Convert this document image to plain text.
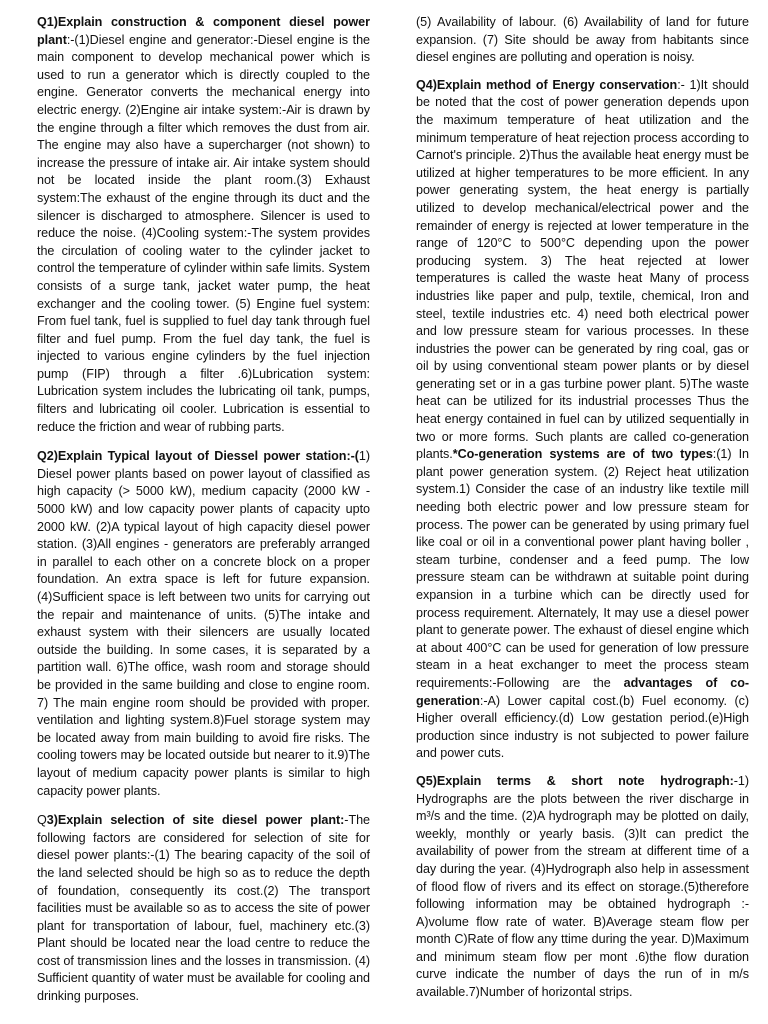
Q1)Explain construction & component diesel power plant:-(1)Diesel engine and generator:-Diesel engine is the main component to develop mechanical power which is used to run a generator which is directly coupled to the engine. Generator converts the mechanical energy into electric energy. (2)Engine air intake system:-Air is drawn by the engine through a filter which removes the dust from air. The engine may also have a supercharger (not shown) to increase the pressure of intake air. Air intake system should not be located inside the plant room.(3) Exhaust system:The exhaust of the engine through its duct and the silencer is discharged to atmosphere. Silencer is used to reduce the noise. (4)Cooling system:-The system provides the circulation of cooling water to the cylinder jacket to control the temperature of cylinder within safe limits. System consists of a surge tank, jacket water pump, the heat exchanger and the cooling tower. (5) Engine fuel system: From fuel tank, fuel is supplied to fuel day tank through fuel filter and fuel pump. From the fuel day tank, the fuel is injected to various engine cylinders by the fuel injection pump (FIP) through a filter .6)Lubrication system: Lubrication system includes the lubricating oil tank, pumps, filters and lubricating oil cooler. Lubrication is essential to reduce the friction and wear of rubbing parts.

Q2)Explain Typical layout of Diessel power station:-(1) Diesel power plants based on power layout of classified as high capacity (> 5000 kW), medium capacity (2000 kW - 5000 kW) and low capacity power plants of capacity upto 2000 kW. (2)A typical layout of high capacity diesel power station. (3)All engines - generators are preferably arranged in parallel to each other on a concrete block on a proper foundation. An extra space is left for future expansion. (4)Sufficient space is left between two units for carrying out the repair and maintenance of units. (5)The intake and exhaust system with their silencers are usually located outside the building. In some cases, it is separated by a partition wall. 6)The office, wash room and storage should be provided in the same building and close to engine room. 7) The main engine room should be provided with proper. ventilation and lighting system.8)Fuel storage system may be located away from main building to avoid fire risks. The cooling towers may be located outside but nearer to it.9)The layout of medium capacity power plants is similar to high capacity power plants.

Q3)Explain selection of site diesel power plant:-The following factors are considered for selection of site for diesel power plants:-(1) The bearing capacity of the soil of the land selected should be high so as to reduce the depth of foundation, consequently its cost.(2) The transport facilities must be available so as to access the site of power plant for transportation of labour, fuel, machinery etc.(3) Plant should be located near the load centre to reduce the cost of transmission lines and the losses in transmission. (4) Sufficient quantity of water must be available for cooling and drinking purposes.

(5) Availability of labour. (6) Availability of land for future expansion. (7) Site should be away from habitants since diesel engines are polluting and operation is noisy.

Q4)Explain method of Energy conservation:- 1)It should be noted that the cost of power generation depends upon the maximum temperature of heat utilization and the minimum temperature of heat rejection process according to Carnot's principle. 2)Thus the available heat energy must be utilized at higher temperatures to be more efficient. In any power generating system, the heat energy is partially utilized to develop mechanical/electrical power and the remainder of energy is rejected at lower temperature in the range of 120°C to 500°C depending upon the power producing system. 3) The heat rejected at lower temperatures is called the waste heat Many of process industries like paper and pulp, textile, chemical, Iron and steel, textile industries etc. 4) need both electrical power and low pressure steam for various processes. In these industries the power can be generated by ring coal, gas or oil by using conventional steam power plants or by diesel generating set or in a gas turbine power plant. 5)The waste heat can be utilized for its industrial processes Thus the heat energy contained in fuel can by utilized sequentially in two or more forms. Such plants are called co-generation plants.*Co-generation systems are of two types:(1) In plant power generation system. (2) Reject heat utilization system.1) Consider the case of an industry like textile mill needing both electric power and low pressure steam for process. The power can be generated by using primary fuel like coal or oil in a conventional power plant having boller , steam turbine, condenser and a feed pump. The low pressure steam can be withdrawn at suitable point during expansion in a turbine which can be directly used for process requirement. Alternately, It may use a diesel power plant to generate power. The exhaust of diesel engine which at about 400°C can be used for generation of low pressure steam in a heat exchanger to meet the process steam requirements:-Following are the advantages of co-generation:-A) Lower capital cost.(b) Fuel economy. (c) Higher overall efficiency.(d) Low gestation period.(e)High production since industry is not subjected to power failure and power cuts.

Q5)Explain terms & short note hydrograph:-1) Hydrographs are the plots between the river discharge in m³/s and the time. (2)A hydrograph may be plotted on daily, weekly, monthly or yearly basis. (3)It can predict the availability of power from the stream at different time of a day during the year. (4)Hydrograph also help in assessment of flood flow of rivers and its effect on storage.(5)therefore following information may be obtained hydrograph :- A)volume flow rate of water. B)Average steam flow per month C)Rate of flow any ttime during the year. D)Maximum and minimum steam flow per mont .6)the flow duration curve indicate the number of days the run of in m/s available.7)Number of horizontal strips.
